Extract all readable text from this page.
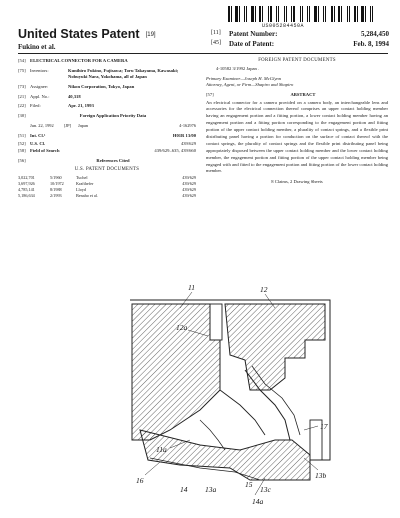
US005284450A
United States Patent [19]
Fukino et al.
[11]	Patent Number:	5,284,450
[45]	Date of Patent:	Feb. 8, 1994
[54] ELECTRICAL CONNECTOR FOR A CAMERA
[75] Inventors:	Kunihiro Fukino, Fujisawa; Toru Takayama, Kawasaki; Nobuyuki Nara, Yokohama, all of Japan
[73] Assignee:	Nikon Corporation, Tokyo, Japan
[21] Appl. No.:	40,318
[22] Filed:	Apr. 21, 1993
[30]	Foreign Application Priority Data
Jun. 22, 1992	[JP]	Japan	4-162976
[51] Int. Cl.⁵	H01R 13/00
[52] U.S. Cl.	439/629
[58] Field of Search	439/629–635, 439/660
[56]	References Cited
U.S. PATENT DOCUMENTS
3,022,701	5/1960	Tuchel	439/629
3,697,926	10/1972	Krafthefer	439/629
4,785,141	8/1988	Lloyd	439/629
5,186,634	2/1993	Benaho et al.	439/629
FOREIGN PATENT DOCUMENTS
4-10582 3/1992 Japan .
Primary Examiner—Joseph H. McGlynn
Attorney, Agent, or Firm—Shapiro and Shapiro
[57]	ABSTRACT
An electrical connector for a camera provided on a camera body, an interchangeable lens and accessories for the electrical connection thereof comprises an upper contact holding member having an engagement portion and a fitting portion, a lower contact holding member having an engagement portion and a fitting portion corresponding to the engagement portion and fitting portion of the upper contact holding member, a plurality of contact springs, and a flexible print distributing panel having a portion for conduction on the surface of contact thereof with the contact springs, the plurality of contact springs and the flexible print distributing panel being appropriately disposed between the upper contact holding member and the lower contact holding member, the engagement portion and fitting portion of the upper contact holding member being engaged with and fitted to the engagement portion and fitting portion of the lower contact holding member.
8 Claims, 2 Drawing Sheets
11	12
12a
11a
17
13b
16
14 13a
15
13c
14a
